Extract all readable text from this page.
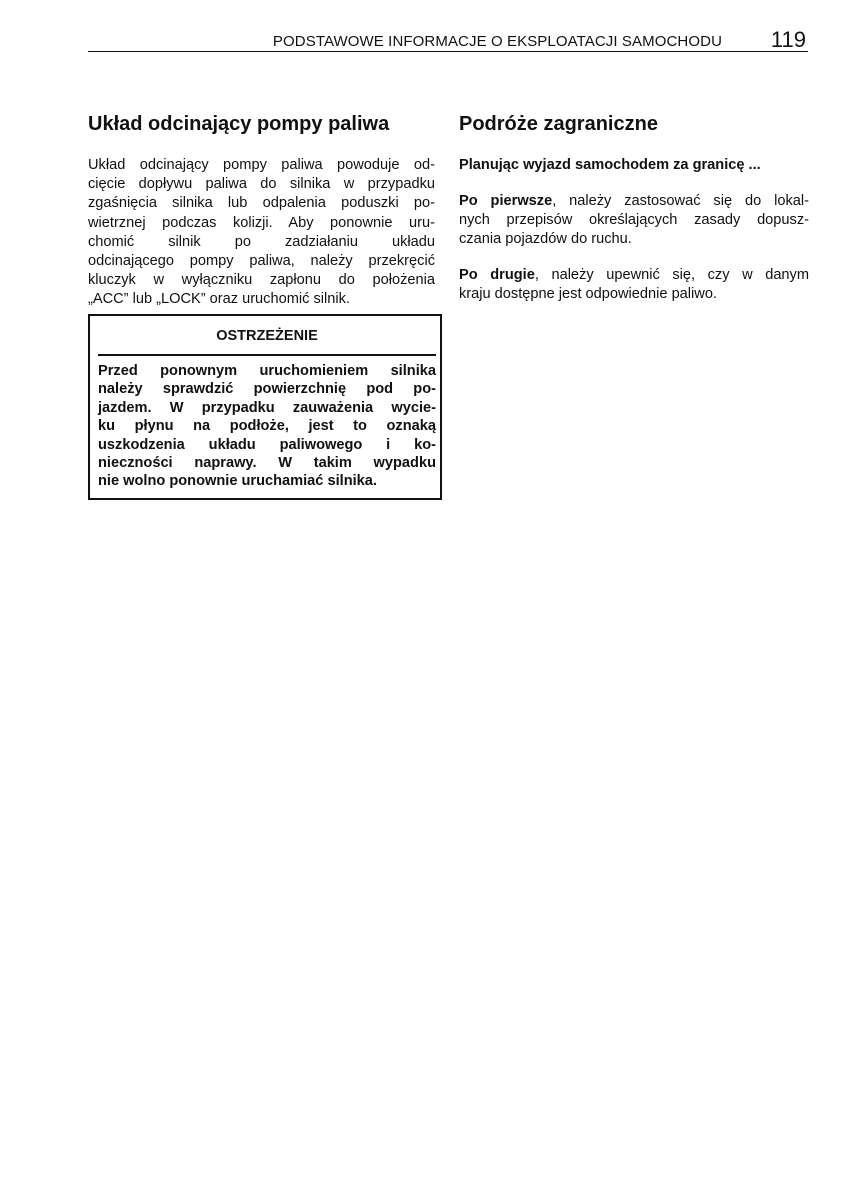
PODSTAWOWE INFORMACJE O EKSPLOATACJI SAMOCHODU 119
Układ odcinający pompy paliwa

Układ odcinający pompy paliwa powoduje od-
cięcie dopływu paliwa do silnika w przypadku
zgaśnięcia silnika lub odpalenia poduszki po-
wietrznej podczas kolizji. Aby ponownie uru-
chomić silnik po zadziałaniu układu
odcinającego pompy paliwa, należy przekręcić
kluczyk w wyłączniku zapłonu do położenia
„ACC” lub „LOCK” oraz uruchomić silnik.

OSTRZEŻENIE

Przed ponownym uruchomieniem silnika
należy sprawdzić powierzchnię pod po-
jazdem. W przypadku zauważenia wycie-
ku płynu na podłoże, jest to oznaką
uszkodzenia układu paliwowego i ko-
nieczności naprawy. W takim wypadku
nie wolno ponownie uruchamiać silnika.

Podróże zagraniczne

Planując wyjazd samochodem za granicę ...

Po pierwsze, należy zastosować się do lokal-
nych przepisów określających zasady dopusz-
czania pojazdów do ruchu.

Po drugie, należy upewnić się, czy w danym
kraju dostępne jest odpowiednie paliwo.
